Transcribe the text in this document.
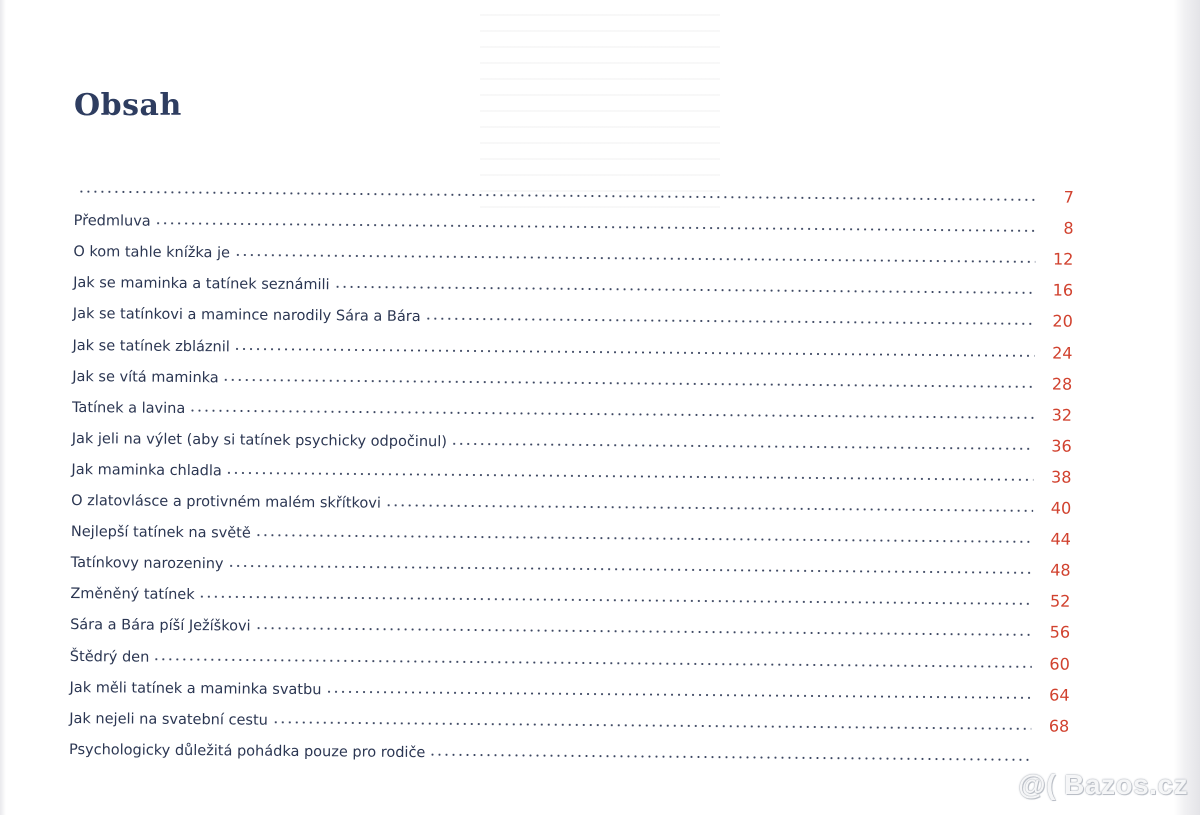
Obsah
7
Předmluva	8
O kom tahle knížka je	12
Jak se maminka a tatínek seznámili	16
Jak se tatínkovi a mamince narodily Sára a Bára	20
Jak se tatínek zbláznil	24
Jak se vítá maminka	28
Tatínek a lavina	32
Jak jeli na výlet (aby si tatínek psychicky odpočinul)	36
Jak maminka chladla	38
O zlatovlásce a protivném malém skřítkovi	40
Nejlepší tatínek na světě	44
Tatínkovy narozeniny	48
Změněný tatínek	52
Sára a Bára píší Ježíškovi	56
Štědrý den	60
Jak měli tatínek a maminka svatbu	64
Jak nejeli na svatební cestu	68
Psychologicky důležitá pohádka pouze pro rodiče
@( Bazos.cz
